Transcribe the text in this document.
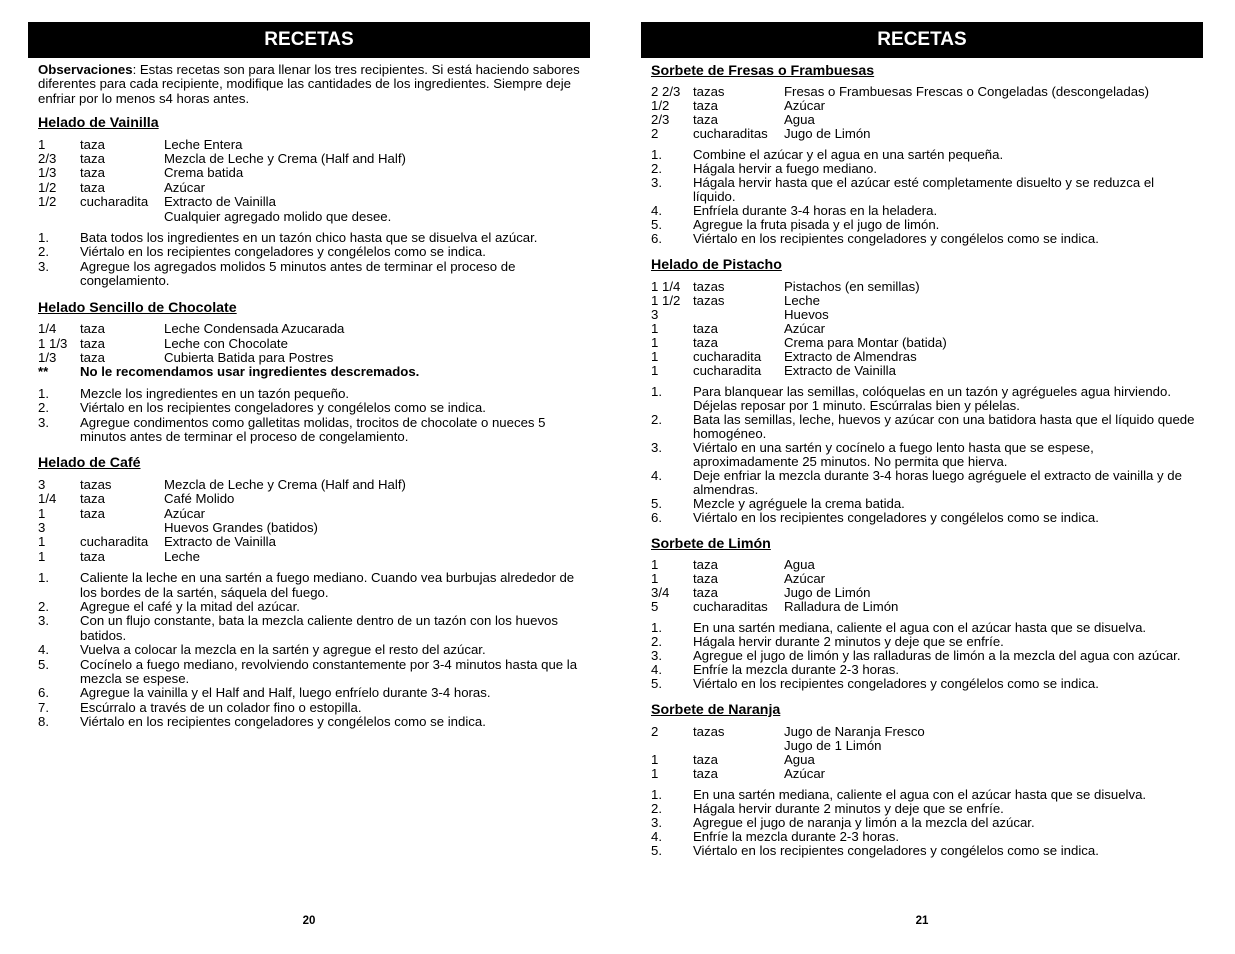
RECETAS

Observaciones: Estas recetas son para llenar los tres recipientes. Si está haciendo sabores diferentes para cada recipiente, modifique las cantidades de los ingredientes. Siempre deje enfriar por lo menos s4 horas antes.

Helado de Vainilla
1	taza	Leche Entera
2/3	taza	Mezcla de Leche y Crema (Half and Half)
1/3	taza	Crema batida
1/2	taza	Azúcar
1/2	cucharadita	Extracto de Vainilla
		Cualquier agregado molido que desee.
1.	Bata todos los ingredientes en un tazón chico hasta que se disuelva el azúcar.
2.	Viértalo en los recipientes congeladores y congélelos como se indica.
3.	Agregue los agregados molidos 5 minutos antes de terminar el proceso de congelamiento.
Helado Sencillo de Chocolate
1/4	taza	Leche Condensada Azucarada
1 1/3	taza	Leche con Chocolate
1/3	taza	Cubierta Batida para Postres
**	No le recomendamos usar ingredientes descremados.	
1.	Mezcle los ingredientes en un tazón pequeño.
2.	Viértalo en los recipientes congeladores y congélelos como se indica.
3.	Agregue condimentos como galletitas molidas, trocitos de chocolate o nueces 5 minutos antes de terminar el proceso de congelamiento.
Helado de Café
3	tazas	Mezcla de Leche y Crema (Half and Half)
1/4	taza	Café Molido
1	taza	Azúcar
3		Huevos Grandes (batidos)
1	cucharadita	Extracto de Vainilla
1	taza	Leche
1.	Caliente la leche en una sartén a fuego mediano. Cuando vea burbujas alrededor de los bordes de la sartén, sáquela del fuego.
2.	Agregue el café y la mitad del azúcar.
3.	Con un flujo constante, bata la mezcla caliente dentro de un tazón con los huevos batidos.
4.	Vuelva a colocar la mezcla en la sartén y agregue el resto del azúcar.
5.	Cocínelo a fuego mediano, revolviendo constantemente por 3-4 minutos hasta que la mezcla se espese.
6.	Agregue la vainilla y el Half and Half, luego enfríelo durante 3-4 horas.
7.	Escúrralo a través de un colador fino o estopilla.
8.	Viértalo en los recipientes congeladores y congélelos como se indica.
20
RECETAS
Sorbete de Fresas o Frambuesas
2 2/3	tazas	Fresas o Frambuesas Frescas o Congeladas (descongeladas)
1/2	taza	Azúcar
2/3	taza	Agua
2	cucharaditas	Jugo de Limón
1.	Combine el azúcar y el agua en una sartén pequeña.
2.	Hágala hervir a fuego mediano.
3.	Hágala hervir hasta que el azúcar esté completamente disuelto y se reduzca el líquido.
4.	Enfríela durante 3-4 horas en la heladera.
5.	Agregue la fruta pisada y el jugo de limón.
6.	Viértalo en los recipientes congeladores y congélelos como se indica.
Helado de Pistacho
1 1/4	tazas	Pistachos (en semillas)
1 1/2	tazas	Leche
3		Huevos
1	taza	Azúcar
1	taza	Crema para Montar (batida)
1	cucharadita	Extracto de Almendras
1	cucharadita	Extracto de Vainilla
1.	Para blanquear las semillas, colóquelas en un tazón y agrégueles agua hirviendo. Déjelas reposar por 1 minuto. Escúrralas bien y pélelas.
2.	Bata las semillas, leche, huevos y azúcar con una batidora hasta que el líquido quede homogéneo.
3.	Viértalo en una sartén y cocínelo a fuego lento hasta que se espese, aproximadamente 25 minutos. No permita que hierva.
4.	Deje enfriar la mezcla durante 3-4 horas luego agréguele el extracto de vainilla y de almendras.
5.	Mezcle y agréguele la crema batida.
6.	Viértalo en los recipientes congeladores y congélelos como se indica.
Sorbete de Limón
1	taza	Agua
1	taza	Azúcar
3/4	taza	Jugo de Limón
5	cucharaditas	Ralladura de Limón
1.	En una sartén mediana, caliente el agua con el azúcar hasta que se disuelva.
2.	Hágala hervir durante 2 minutos y deje que se enfríe.
3.	Agregue el jugo de limón y las ralladuras de limón a la mezcla del agua con azúcar.
4.	Enfríe la mezcla durante 2-3 horas.
5.	Viértalo en los recipientes congeladores y congélelos como se indica.
Sorbete de Naranja
2	tazas	Jugo de Naranja Fresco
		Jugo de 1 Limón
1	taza	Agua
1	taza	Azúcar
1.	En una sartén mediana, caliente el agua con el azúcar hasta que se disuelva.
2.	Hágala hervir durante 2 minutos y deje que se enfríe.
3.	Agregue el jugo de naranja y limón a la mezcla del azúcar.
4.	Enfríe la mezcla durante 2-3 horas.
5.	Viértalo en los recipientes congeladores y congélelos como se indica.
21
